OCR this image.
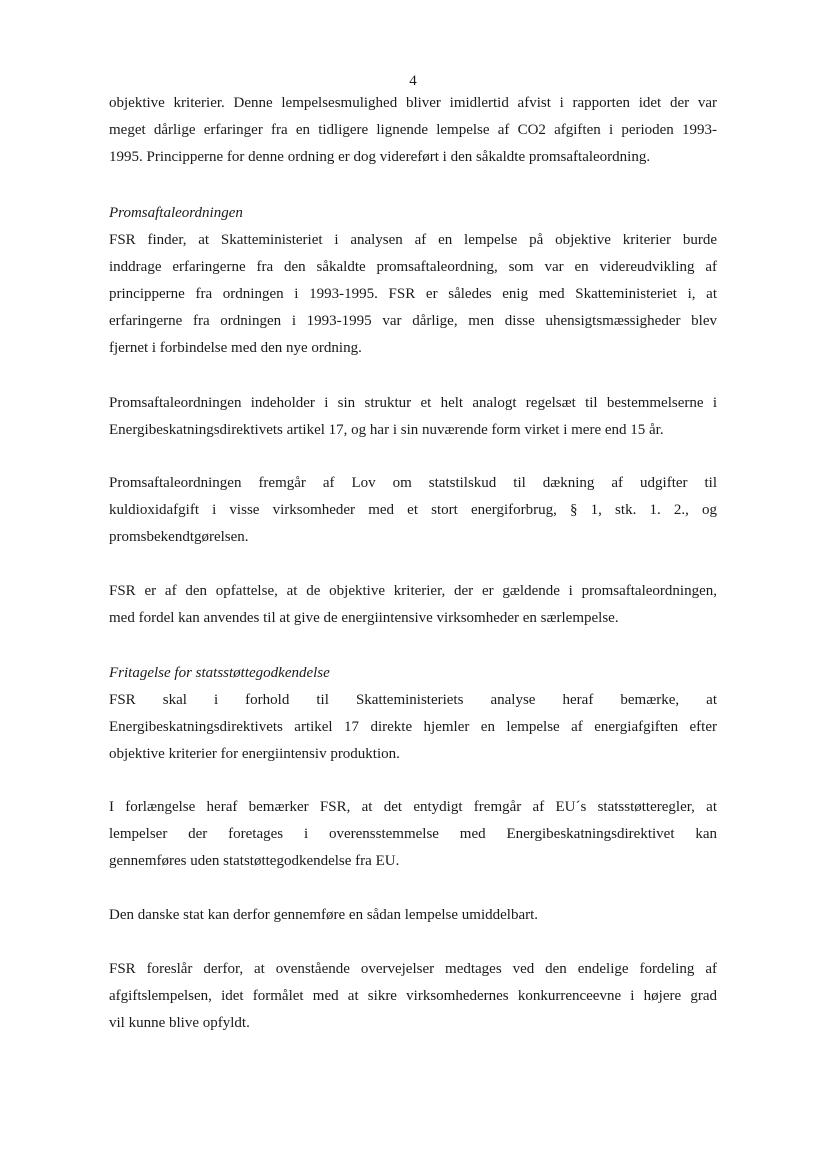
4
objektive kriterier. Denne lempelsesmulighed bliver imidlertid afvist i rapporten idet der var
meget dårlige erfaringer fra en tidligere lignende lempelse af CO2 afgiften i perioden 1993-
1995. Principperne for denne ordning er dog videreført i den såkaldte promsaftaleordning.
Promsaftaleordningen
FSR finder, at Skatteministeriet i analysen af en lempelse på objektive kriterier burde
inddrage erfaringerne fra den såkaldte promsaftaleordning, som var en videreudvikling af
principperne fra ordningen i 1993-1995. FSR er således enig med Skatteministeriet i, at
erfaringerne fra ordningen i 1993-1995 var dårlige, men disse uhensigtsmæssigheder blev
fjernet i forbindelse med den nye ordning.
Promsaftaleordningen indeholder i sin struktur et helt analogt regelsæt til bestemmelserne i
Energibeskatningsdirektivets artikel 17, og har i sin nuværende form virket i mere end 15 år.
Promsaftaleordningen fremgår af Lov om statstilskud til dækning af udgifter til
kuldioxidafgift i visse virksomheder med et stort energiforbrug, § 1, stk. 1. 2., og
promsbekendtgørelsen.
FSR er af den opfattelse, at de objektive kriterier, der er gældende i promsaftaleordningen,
med fordel kan anvendes til at give de energiintensive virksomheder en særlempelse.
Fritagelse for statsstøttegodkendelse
FSR skal i forhold til Skatteministeriets analyse heraf bemærke, at
Energibeskatningsdirektivets artikel 17 direkte hjemler en lempelse af energiafgiften efter
objektive kriterier for energiintensiv produktion.
I forlængelse heraf bemærker FSR, at det entydigt fremgår af EU´s statsstøtteregler, at
lempelser der foretages i overensstemmelse med Energibeskatningsdirektivet kan
gennemføres uden statstøttegodkendelse fra EU.
Den danske stat kan derfor gennemføre en sådan lempelse umiddelbart.
FSR foreslår derfor, at ovenstående overvejelser medtages ved den endelige fordeling af
afgiftslempelsen, idet formålet med at sikre virksomhedernes konkurrenceevne i højere grad
vil kunne blive opfyldt.
